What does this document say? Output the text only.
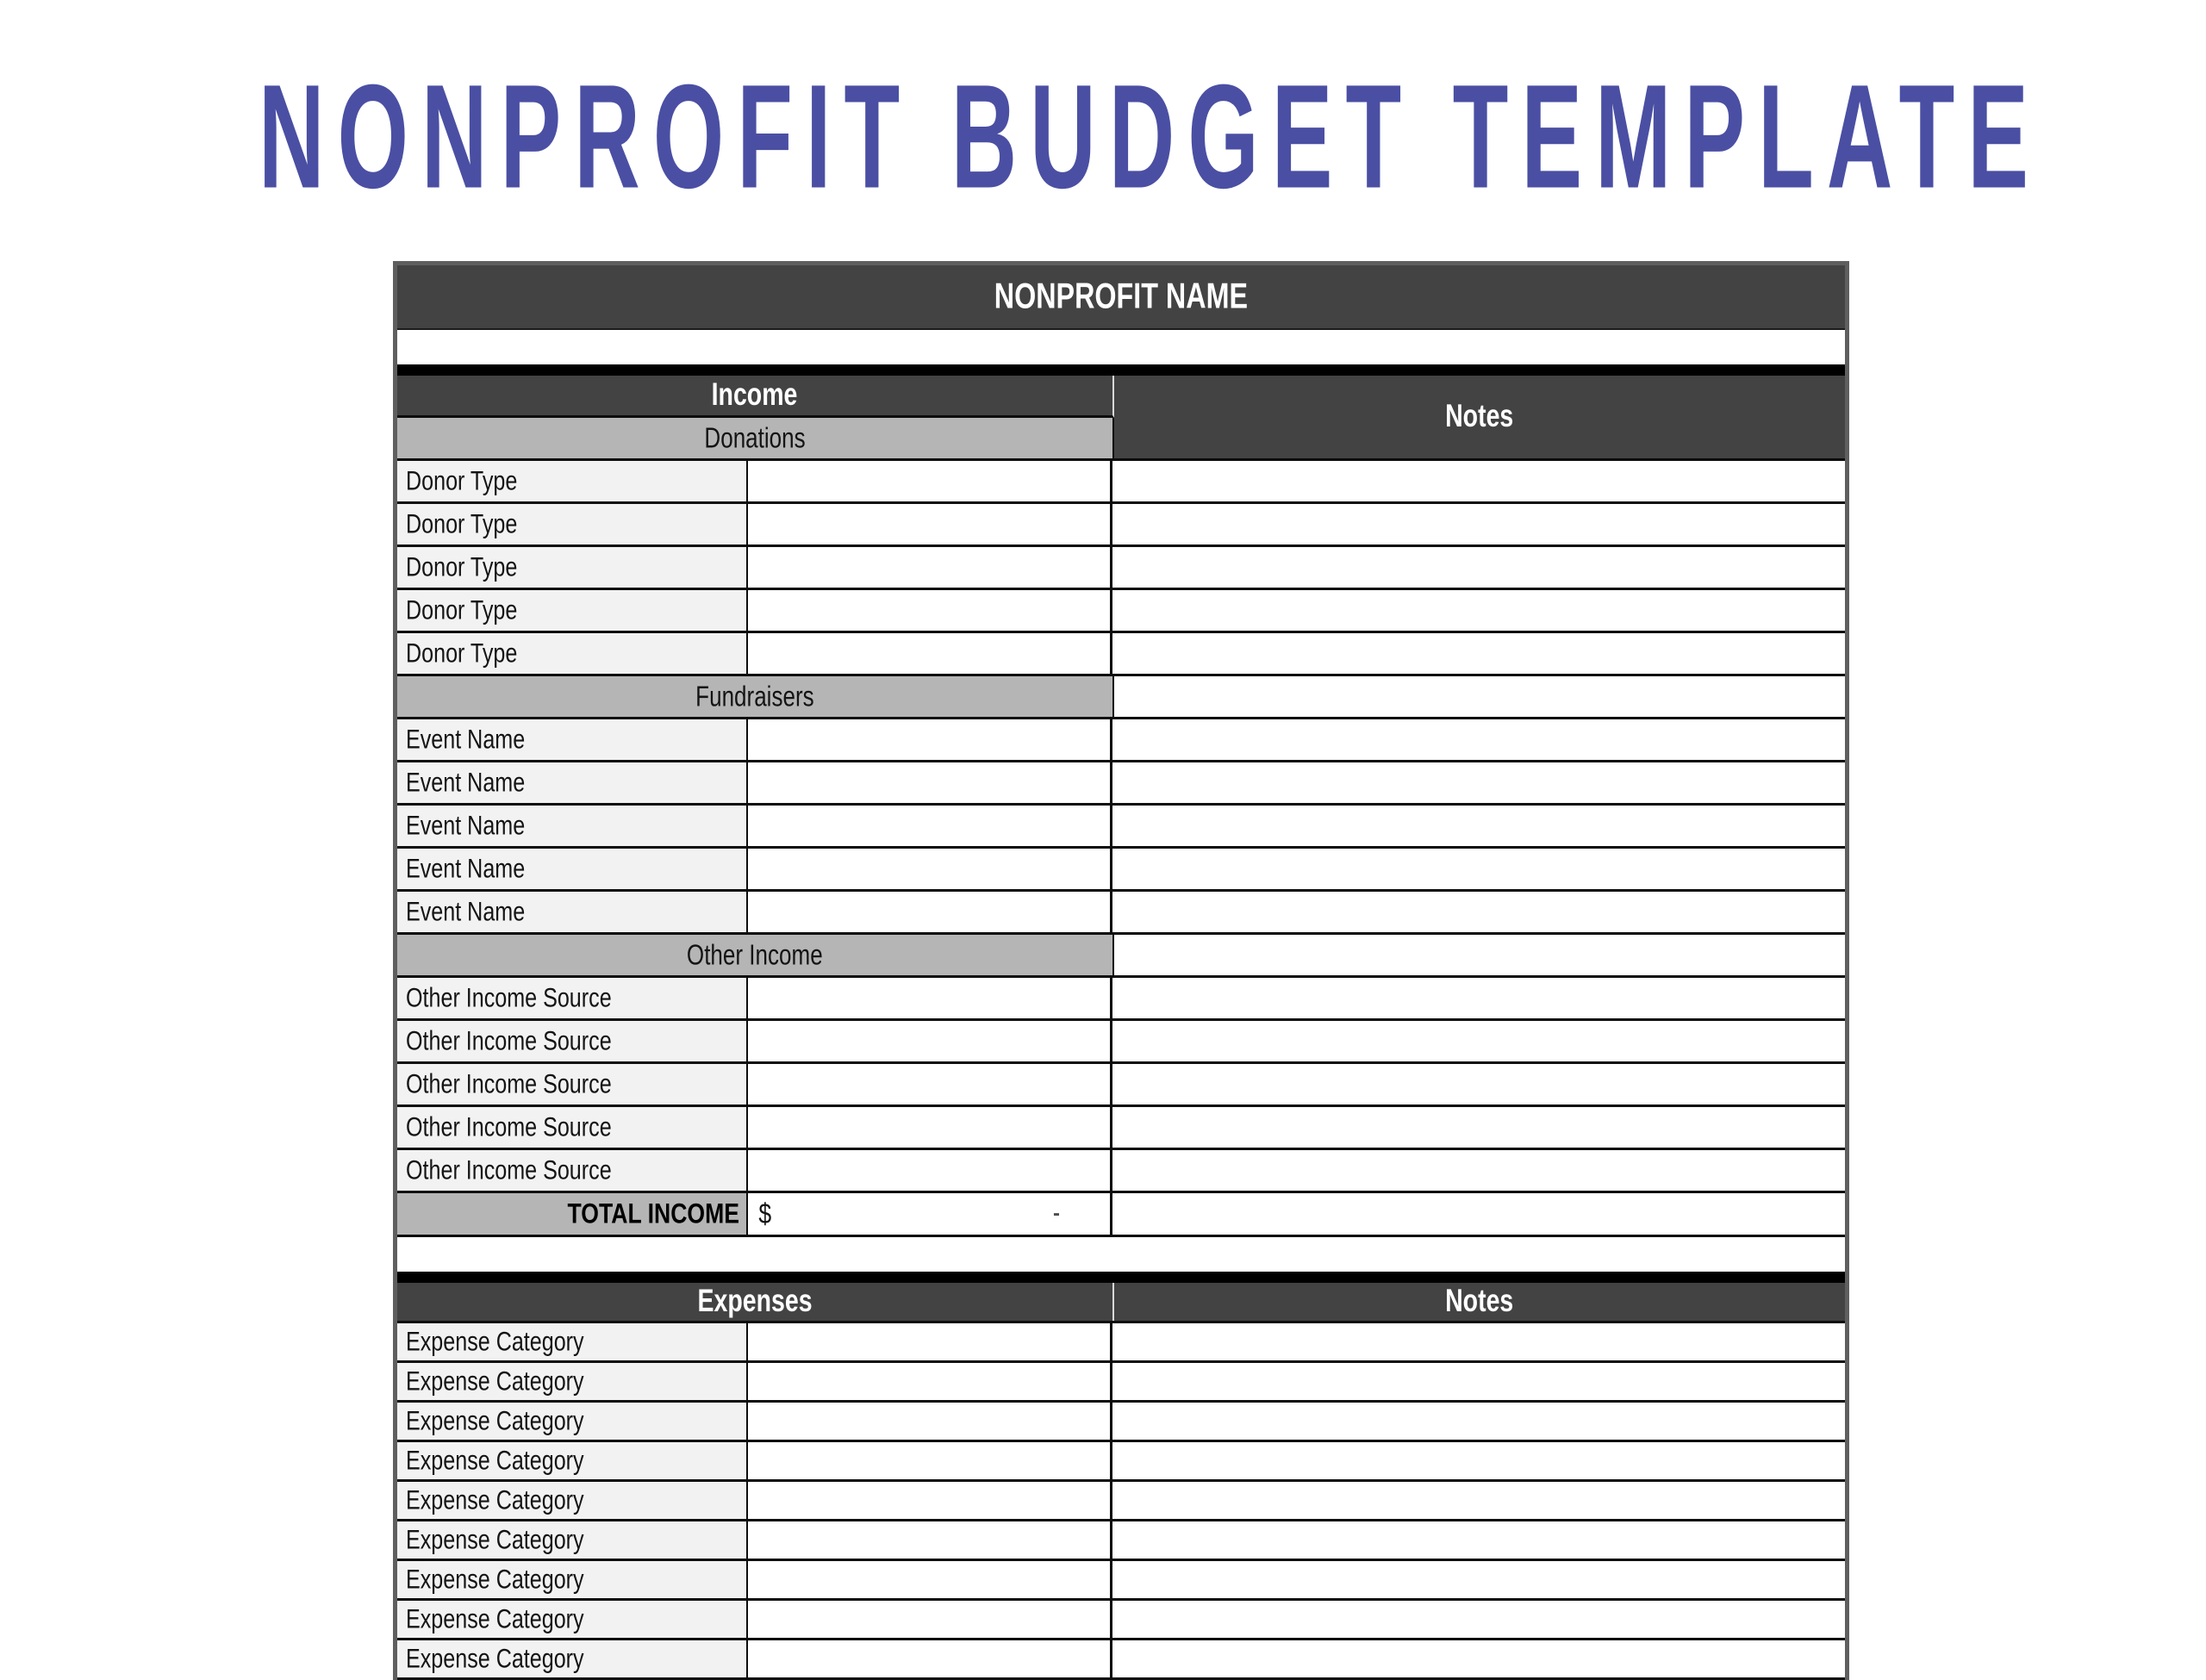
NONPROFIT BUDGET TEMPLATE
NONPROFIT NAME
Income
Donations
Notes
Donor Type
Donor Type
Donor Type
Donor Type
Donor Type
Fundraisers
Event Name
Event Name
Event Name
Event Name
Event Name
Other Income
Other Income Source
Other Income Source
Other Income Source
Other Income Source
Other Income Source
TOTAL INCOME $	-
Expenses	Notes
Expense Category
Expense Category
Expense Category
Expense Category
Expense Category
Expense Category
Expense Category
Expense Category
Expense Category
